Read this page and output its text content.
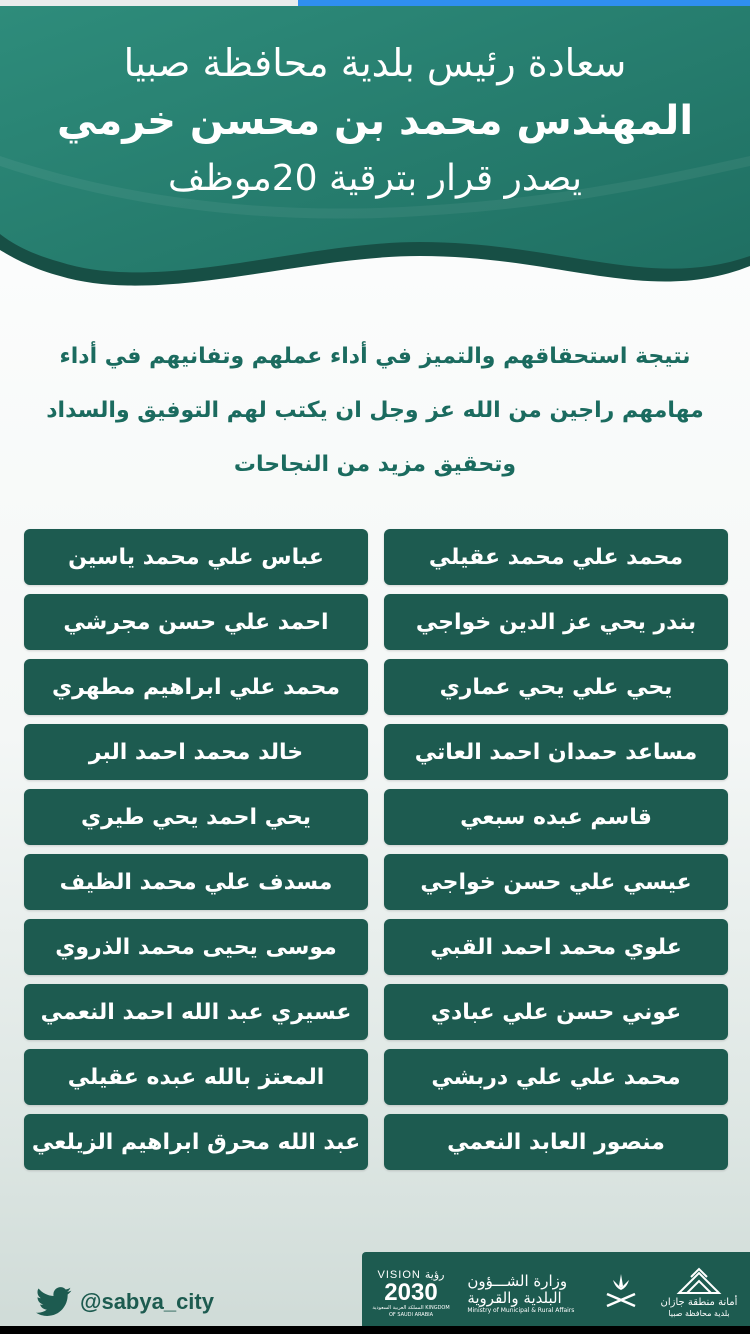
سعادة رئيس بلدية محافظة صبيا
المهندس محمد بن محسن خرمي
يصدر قرار بترقية 20موظف
نتيجة استحقاقهم والتميز في أداء عملهم وتفانيهم في أداء
مهامهم راجين من الله عز وجل ان يكتب لهم التوفيق والسداد
وتحقيق مزيد من النجاحات
محمد علي محمد عقيلي
عباس علي محمد ياسين
بندر يحي عز الدين خواجي
احمد علي حسن مجرشي
يحي علي يحي عماري
محمد علي ابراهيم مطهري
مساعد حمدان احمد العاتي
خالد محمد احمد البر
قاسم عبده سبعي
يحي احمد يحي طيري
عيسي علي حسن خواجي
مسدف علي محمد الظيف
علوي محمد احمد القبي
موسى يحيى محمد الذروي
عوني حسن علي عبادي
عسيري عبد الله احمد النعمي
محمد علي علي دربشي
المعتز بالله عبده عقيلي
منصور العابد النعمي
عبد الله محرق ابراهيم الزيلعي
@sabya_city
VISION رؤية
2030
المملكة العربية السعودية KINGDOM OF SAUDI ARABIA
وزارة الشـــؤون
البلدية والقروية
Ministry of Municipal & Rural Affairs
أمانة منطقة جازان
بلدية محافظة صبيا
